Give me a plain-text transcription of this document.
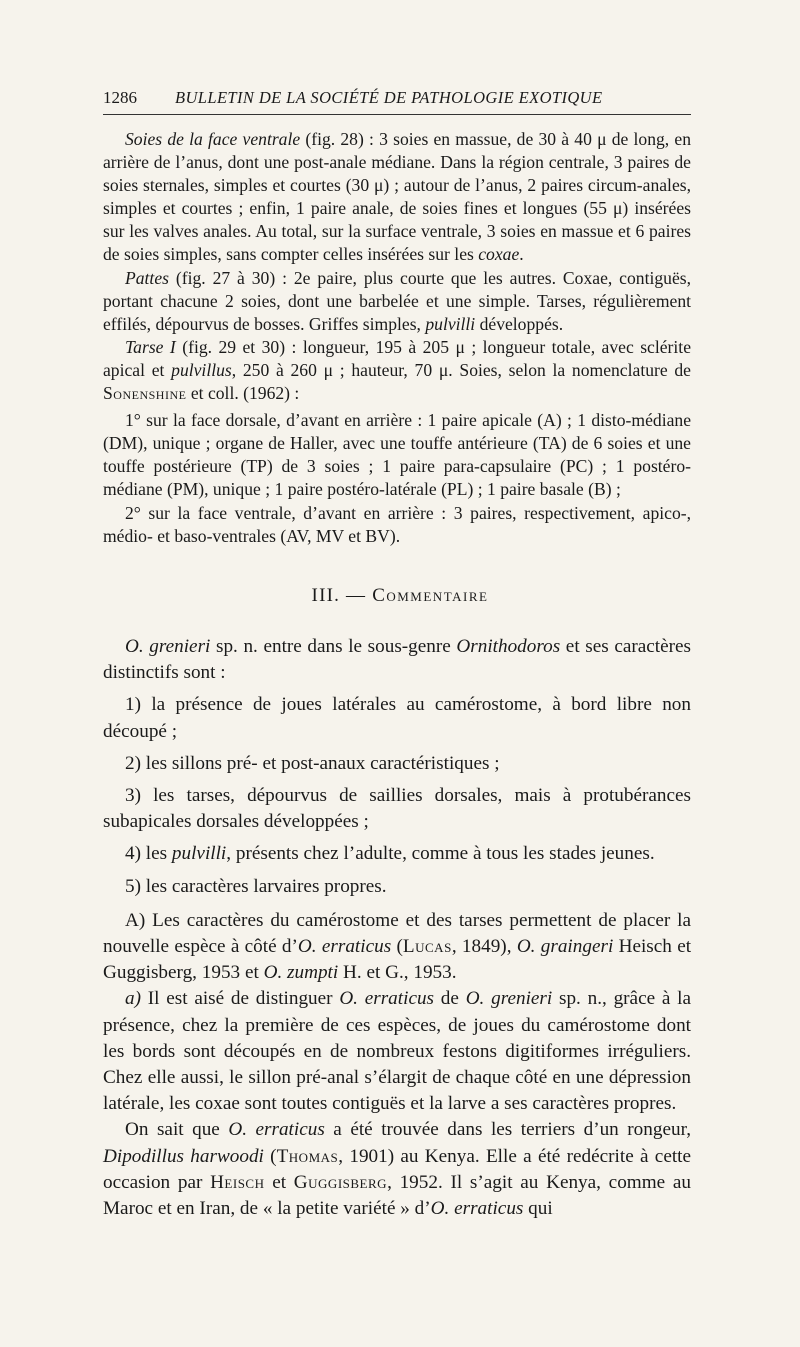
1286 BULLETIN DE LA SOCIÉTÉ DE PATHOLOGIE EXOTIQUE

Soies de la face ventrale (fig. 28) : 3 soies en massue, de 30 à 40 μ de long, en arrière de l’anus, dont une post-anale médiane. Dans la région centrale, 3 paires de soies sternales, simples et courtes (30 μ) ; autour de l’anus, 2 paires circum-anales, simples et courtes ; enfin, 1 paire anale, de soies fines et longues (55 μ) insérées sur les valves anales. Au total, sur la surface ventrale, 3 soies en massue et 6 paires de soies simples, sans compter celles insérées sur les coxae.

Pattes (fig. 27 à 30) : 2e paire, plus courte que les autres. Coxae, contiguës, portant chacune 2 soies, dont une barbelée et une simple. Tarses, régulièrement effilés, dépourvus de bosses. Griffes simples, pulvilli développés.

Tarse I (fig. 29 et 30) : longueur, 195 à 205 μ ; longueur totale, avec sclérite apical et pulvillus, 250 à 260 μ ; hauteur, 70 μ. Soies, selon la nomenclature de Sonenshine et coll. (1962) :

1° sur la face dorsale, d’avant en arrière : 1 paire apicale (A) ; 1 disto-médiane (DM), unique ; organe de Haller, avec une touffe antérieure (TA) de 6 soies et une touffe postérieure (TP) de 3 soies ; 1 paire para-capsulaire (PC) ; 1 postéro-médiane (PM), unique ; 1 paire postéro-latérale (PL) ; 1 paire basale (B) ;

2° sur la face ventrale, d’avant en arrière : 3 paires, respectivement, apico-, médio- et baso-ventrales (AV, MV et BV).

III. — Commentaire

O. grenieri sp. n. entre dans le sous-genre Ornithodoros et ses caractères distinctifs sont :

1) la présence de joues latérales au camérostome, à bord libre non découpé ;

2) les sillons pré- et post-anaux caractéristiques ;

3) les tarses, dépourvus de saillies dorsales, mais à protubérances subapicales dorsales développées ;

4) les pulvilli, présents chez l’adulte, comme à tous les stades jeunes.

5) les caractères larvaires propres.

A) Les caractères du camérostome et des tarses permettent de placer la nouvelle espèce à côté d’O. erraticus (Lucas, 1849), O. graingeri Heisch et Guggisberg, 1953 et O. zumpti H. et G., 1953.

a) Il est aisé de distinguer O. erraticus de O. grenieri sp. n., grâce à la présence, chez la première de ces espèces, de joues du camérostome dont les bords sont découpés en de nombreux festons digitiformes irréguliers. Chez elle aussi, le sillon pré-anal s’élargit de chaque côté en une dépression latérale, les coxae sont toutes contiguës et la larve a ses caractères propres.

On sait que O. erraticus a été trouvée dans les terriers d’un rongeur, Dipodillus harwoodi (Thomas, 1901) au Kenya. Elle a été redécrite à cette occasion par Heisch et Guggisberg, 1952. Il s’agit au Kenya, comme au Maroc et en Iran, de « la petite variété » d’O. erraticus qui
